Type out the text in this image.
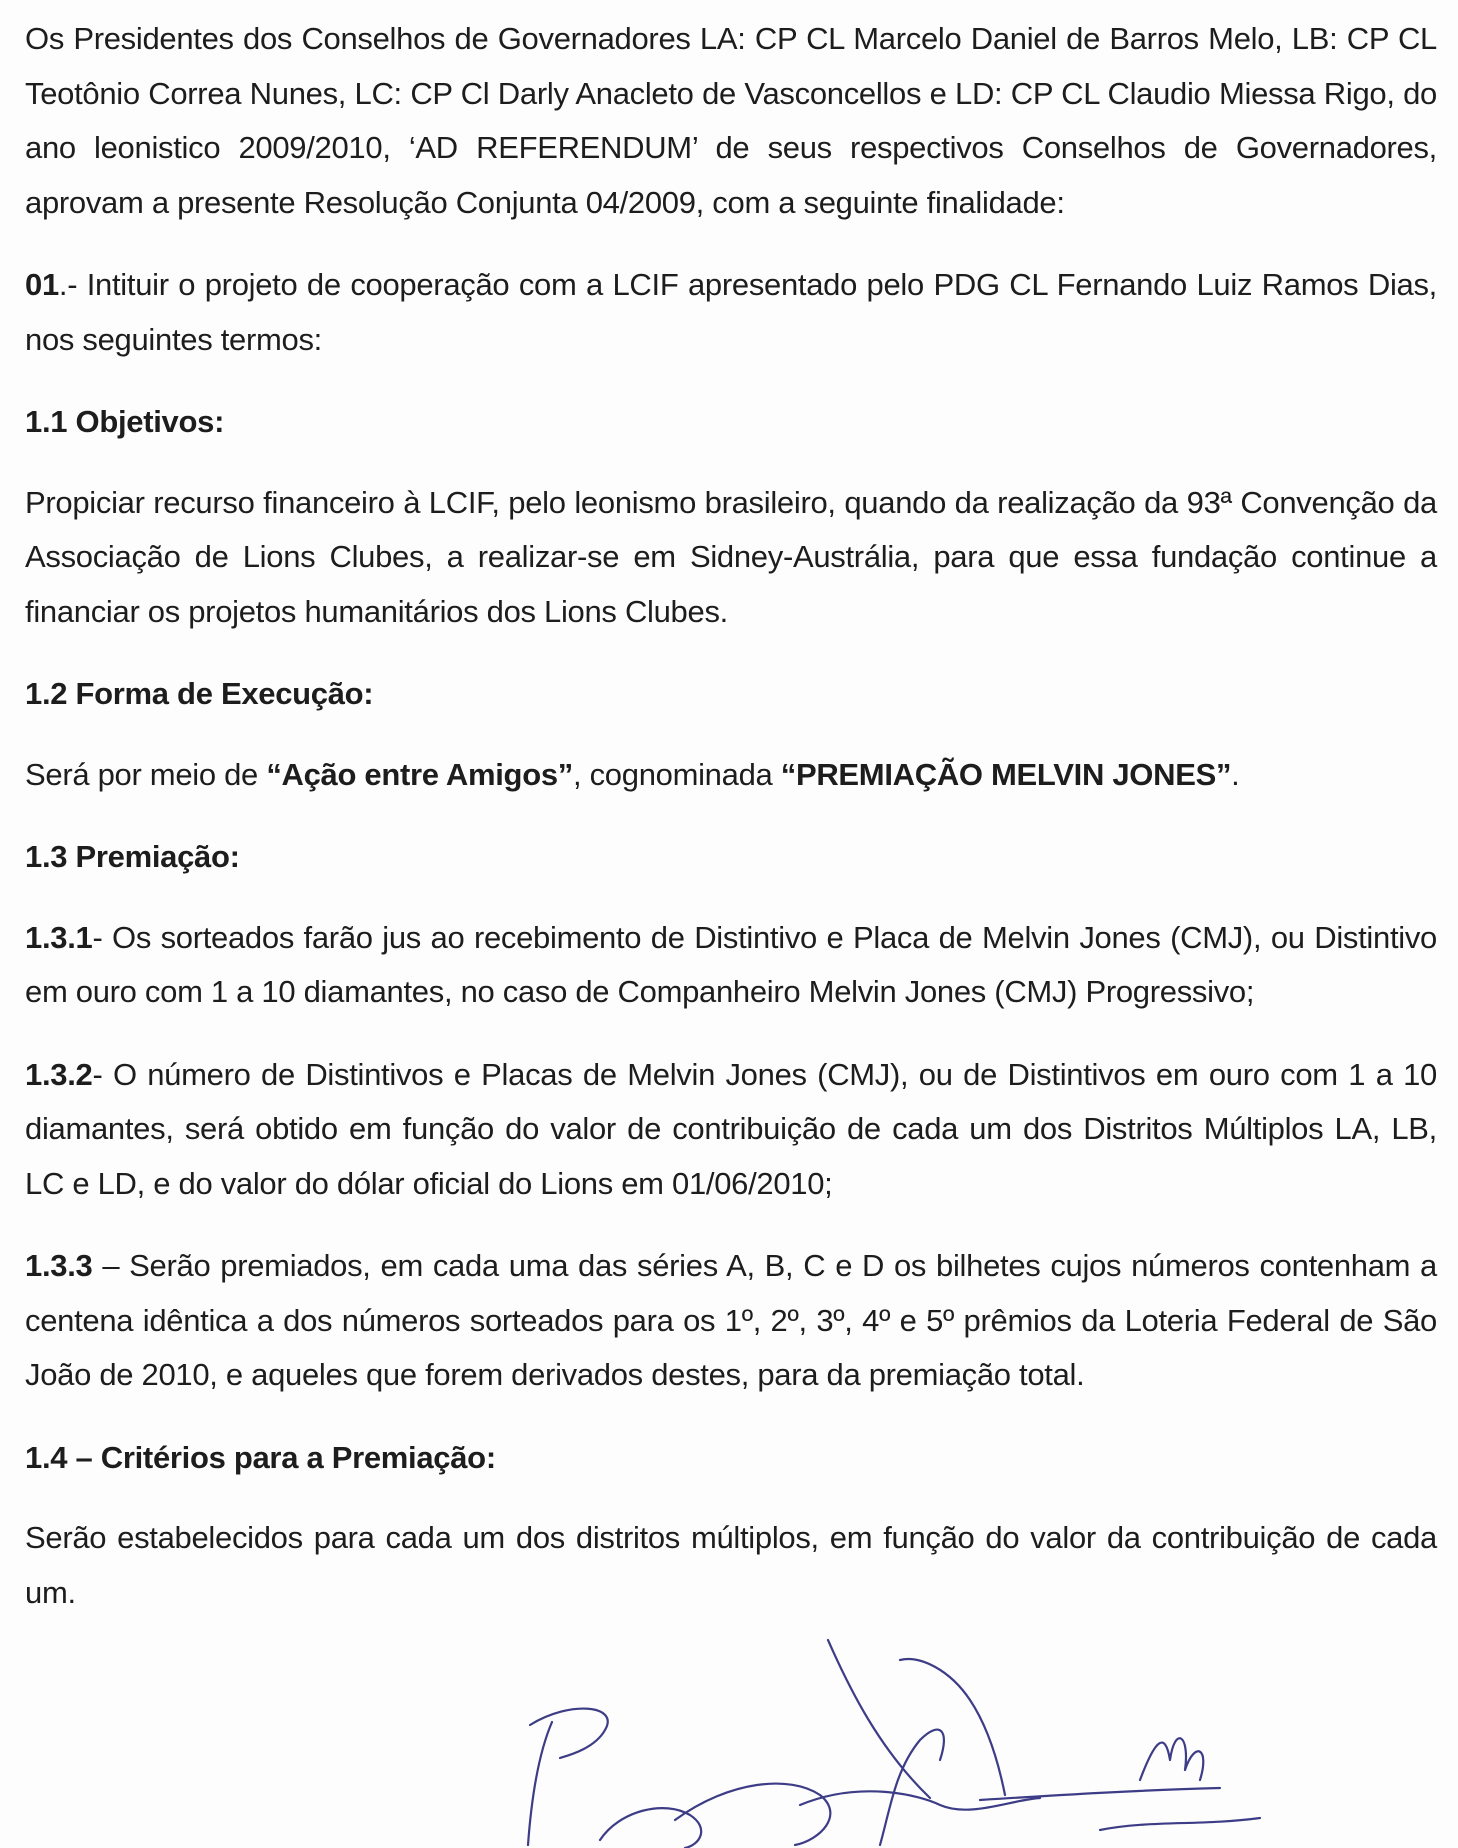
Os Presidentes dos Conselhos de Governadores LA: CP CL Marcelo Daniel de Barros Melo, LB: CP CL Teotônio Correa Nunes, LC: CP Cl Darly Anacleto de Vasconcellos e LD: CP CL Claudio Miessa Rigo, do ano leonistico 2009/2010, ‘AD REFERENDUM’ de seus respectivos Conselhos de Governadores, aprovam a presente Resolução Conjunta 04/2009, com a seguinte finalidade:

01.- Intituir o projeto de cooperação com a LCIF apresentado pelo PDG CL Fernando Luiz Ramos Dias, nos seguintes termos:

1.1 Objetivos:

Propiciar recurso financeiro à LCIF, pelo leonismo brasileiro, quando da realização da 93ª Convenção da Associação de Lions Clubes, a realizar-se em Sidney-Austrália, para que essa fundação continue a financiar os projetos humanitários dos Lions Clubes.

1.2 Forma de Execução:

Será por meio de “Ação entre Amigos”, cognominada “PREMIAÇÃO MELVIN JONES”.

1.3 Premiação:

1.3.1- Os sorteados farão jus ao recebimento de Distintivo e Placa de Melvin Jones (CMJ), ou Distintivo em ouro com 1 a 10 diamantes, no caso de Companheiro Melvin Jones (CMJ) Progressivo;

1.3.2- O número de Distintivos e Placas de Melvin Jones (CMJ), ou de Distintivos em ouro com 1 a 10 diamantes, será obtido em função do valor de contribuição de cada um dos Distritos Múltiplos LA, LB, LC e LD, e do valor do dólar oficial do Lions em 01/06/2010;

1.3.3 – Serão premiados, em cada uma das séries A, B, C e D os bilhetes cujos números contenham a centena idêntica a dos números sorteados para os 1º, 2º, 3º, 4º e 5º prêmios da Loteria Federal de São João de 2010, e aqueles que forem derivados destes, para da premiação total.

1.4 – Critérios para a Premiação:

Serão estabelecidos para cada um dos distritos múltiplos, em função do valor da contribuição de cada um.
